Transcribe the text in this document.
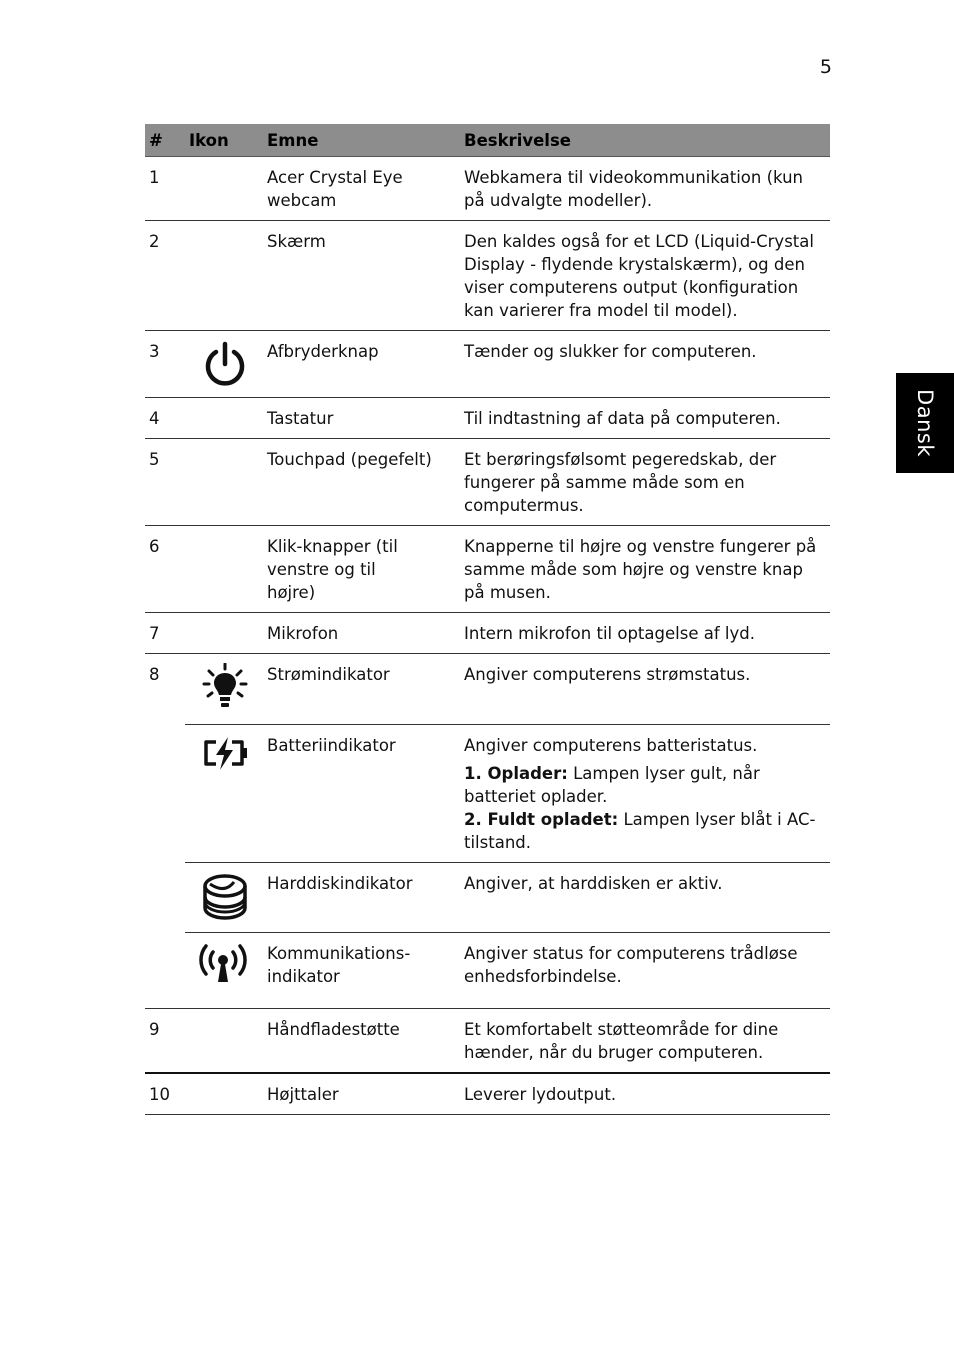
5
Dansk
#	Ikon	Emne	Beskrivelse
1		Acer Crystal Eye webcam	Webkamera til videokommunikation (kun på udvalgte modeller).
2		Skærm	Den kaldes også for et LCD (Liquid-Crystal Display - flydende krystalskærm), og den viser computerens output (konfiguration kan varierer fra model til model).
3		Afbryderknap	Tænder og slukker for computeren.
4		Tastatur	Til indtastning af data på computeren.
5		Touchpad (pegefelt)	Et berøringsfølsomt pegeredskab, der fungerer på samme måde som en computermus.
6		Klik-knapper (til venstre og til højre)	Knapperne til højre og venstre fungerer på samme måde som højre og venstre knap på musen.
7		Mikrofon	Intern mikrofon til optagelse af lyd.
8		Strømindikator	Angiver computerens strømstatus.

	Batteriindikator	Angiver computerens batteristatus.

1. Oplader: Lampen lyser gult, når batteriet oplader.

2. Fuldt opladet: Lampen lyser blåt i AC-tilstand.

	Harddiskindikator	Angiver, at harddisken er aktiv.

	Kommunikations-indikator	Angiver status for computerens trådløse enhedsforbindelse.
9		Håndfladestøtte	Et komfortabelt støtteområde for dine hænder, når du bruger computeren.
10		Højttaler	Leverer lydoutput.
